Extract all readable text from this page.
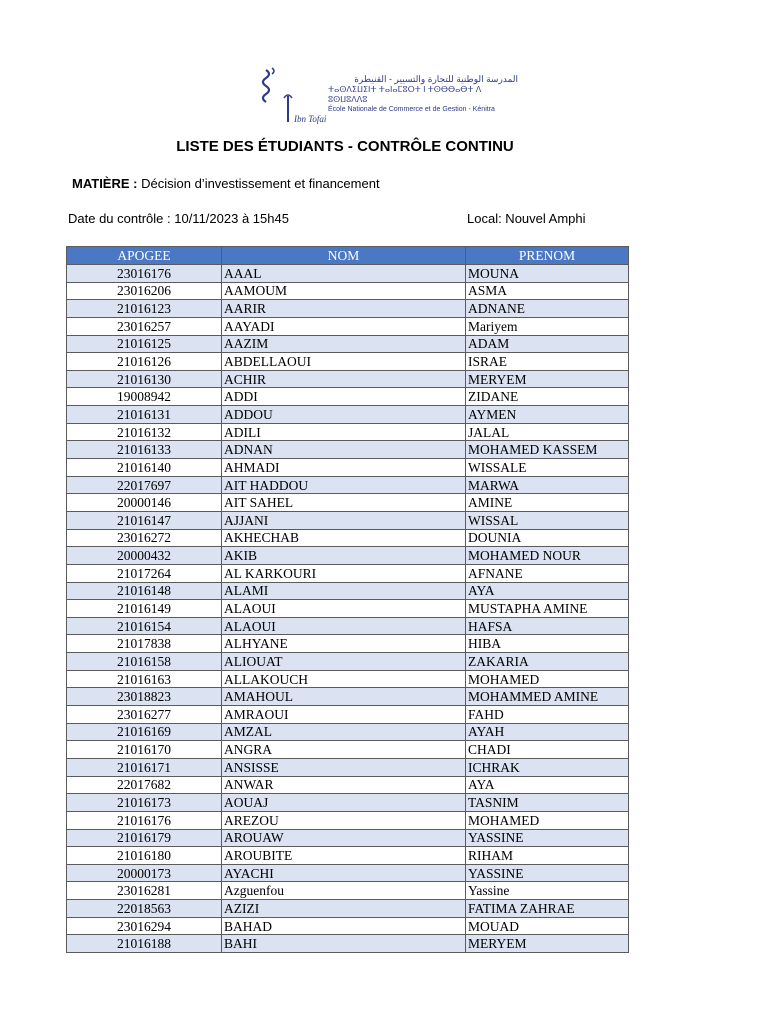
Ibn Tofail
المدرسة الوطنية للتجارة والتسيير - القنيطرة
ⵜⴰⵙⴷⵉⵡⵉⵏⵜ ⵜⴰⵏⴰⵎⵓⵔⵜ ⵏ ⵜⵙⴱⴱⴰⴱⵜ ⴷ ⵓⵙⵡⵓⴷⴷⵓ
École Nationale de Commerce et de Gestion - Kénitra
LISTE DES ÉTUDIANTS - CONTRÔLE CONTINU
MATIÈRE : Décision d’investissement et financement
Date du contrôle : 10/11/2023 à 15h45	Local: Nouvel Amphi
APOGEE	NOM	PRENOM
23016176	AAAL	MOUNA
23016206	AAMOUM	ASMA
21016123	AARIR	ADNANE
23016257	AAYADI	Mariyem
21016125	AAZIM	ADAM
21016126	ABDELLAOUI	ISRAE
21016130	ACHIR	MERYEM
19008942	ADDI	ZIDANE
21016131	ADDOU	AYMEN
21016132	ADILI	JALAL
21016133	ADNAN	MOHAMED KASSEM
21016140	AHMADI	WISSALE
22017697	AIT HADDOU	MARWA
20000146	AIT SAHEL	AMINE
21016147	AJJANI	WISSAL
23016272	AKHECHAB	DOUNIA
20000432	AKIB	MOHAMED NOUR
21017264	AL KARKOURI	AFNANE
21016148	ALAMI	AYA
21016149	ALAOUI	MUSTAPHA AMINE
21016154	ALAOUI	HAFSA
21017838	ALHYANE	HIBA
21016158	ALIOUAT	ZAKARIA
21016163	ALLAKOUCH	MOHAMED
23018823	AMAHOUL	MOHAMMED AMINE
23016277	AMRAOUI	FAHD
21016169	AMZAL	AYAH
21016170	ANGRA	CHADI
21016171	ANSISSE	ICHRAK
22017682	ANWAR	AYA
21016173	AOUAJ	TASNIM
21016176	AREZOU	MOHAMED
21016179	AROUAW	YASSINE
21016180	AROUBITE	RIHAM
20000173	AYACHI	YASSINE
23016281	Azguenfou	Yassine
22018563	AZIZI	FATIMA ZAHRAE
23016294	BAHAD	MOUAD
21016188	BAHI	MERYEM
